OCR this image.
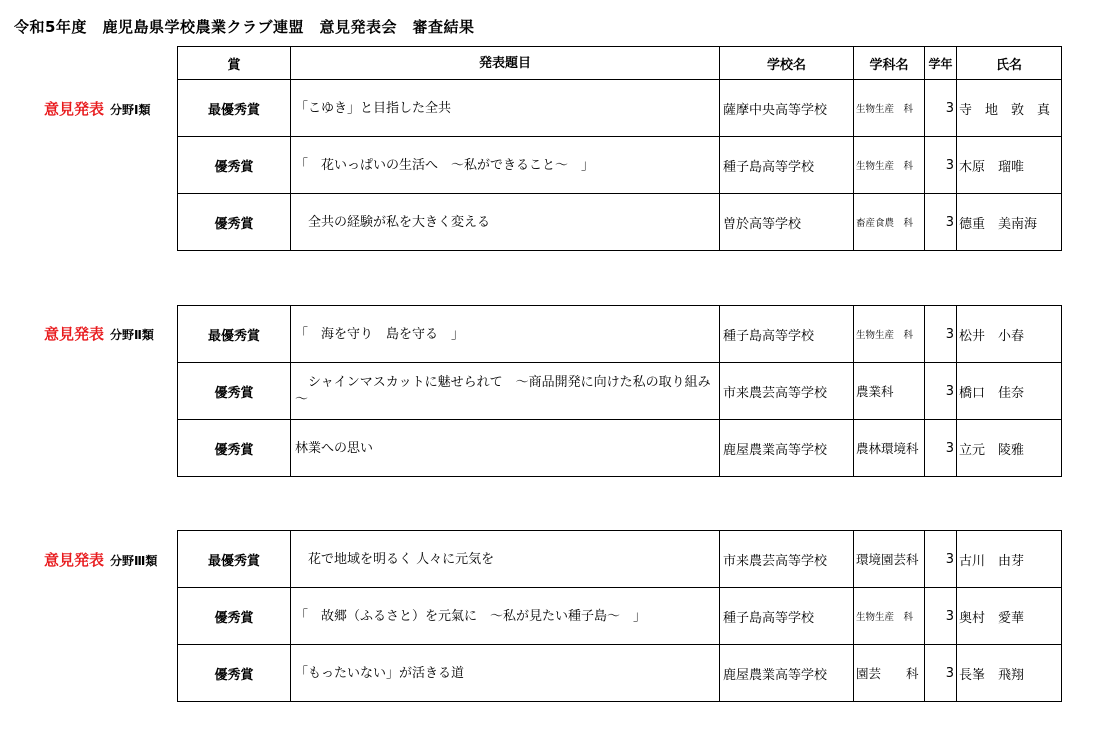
令和5年度　鹿児島県学校農業クラブ連盟　意見発表会　審査結果
意見発表 分野Ⅰ類
賞	発表題目	学校名	学科名	学年	氏名
最優秀賞	「こゆき」と目指した全共	薩摩中央高等学校	生物生産　科	3	寺　地　敦　真
優秀賞	「　花いっぱいの生活へ　～私ができること～　」	種子島高等学校	生物生産　科	3	木原　瑠唯
優秀賞	　全共の経験が私を大きく変える	曽於高等学校	畜産食農　科	3	德重　美南海
意見発表 分野Ⅱ類	最優秀賞	「　海を守り　島を守る　」	種子島高等学校	生物生産　科	3	松井　小春
優秀賞	　シャインマスカットに魅せられて　～商品開発に向けた私の取り組み～	市来農芸高等学校	農業科	3	橋口　佳奈
優秀賞	林業への思い	鹿屋農業高等学校	農林環境科	3	立元　陵雅
意見発表 分野Ⅲ類	最優秀賞	　花で地域を明るく 人々に元気を	市来農芸高等学校	環境園芸科	3	古川　由芽
優秀賞	「　故郷（ふるさと）を元氣に　～私が見たい種子島～　」	種子島高等学校	生物生産　科	3	奥村　愛華
優秀賞	「もったいない」が活きる道	鹿屋農業高等学校	園芸　　科	3	長峯　飛翔
